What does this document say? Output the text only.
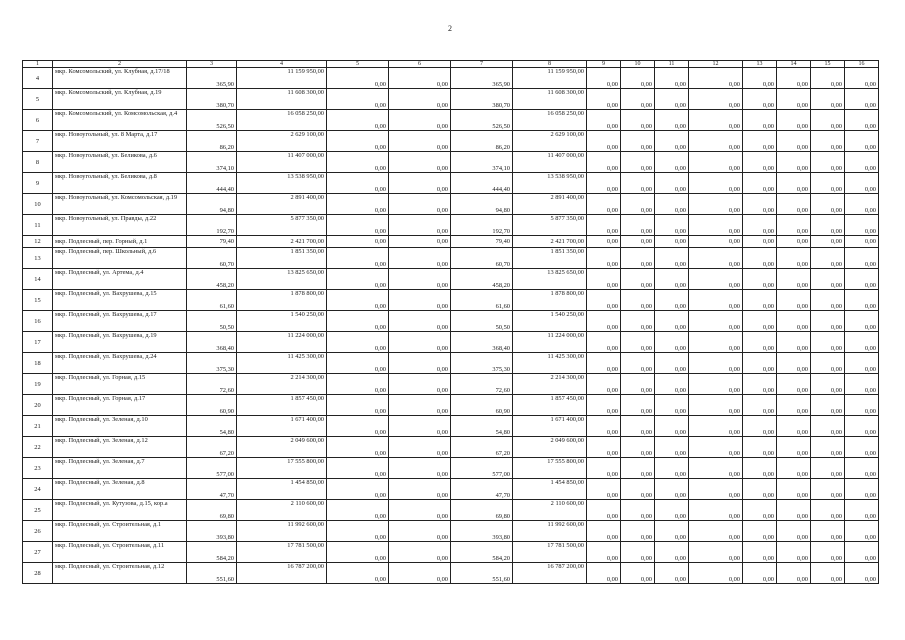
2
1	2	3	4	5	6	7	8	9	10	11	12	13	14	15	16
4	мкр. Комсомольский, ул. Клубная, д.17/18	365,90	11 159 950,00	0,00	0,00	365,90	11 159 950,00	0,00	0,00	0,00	0,00	0,00	0,00	0,00	0,00
5	мкр. Комсомольский, ул. Клубная, д.19	380,70	11 608 300,00	0,00	0,00	380,70	11 608 300,00	0,00	0,00	0,00	0,00	0,00	0,00	0,00	0,00
6	мкр. Комсомольский, ул. Комсомольская, д.4	526,50	16 058 250,00	0,00	0,00	526,50	16 058 250,00	0,00	0,00	0,00	0,00	0,00	0,00	0,00	0,00
7	мкр. Новоугольный, ул. 8 Марта, д.17	86,20	2 629 100,00	0,00	0,00	86,20	2 629 100,00	0,00	0,00	0,00	0,00	0,00	0,00	0,00	0,00
8	мкр. Новоугольный, ул. Беликова, д.6	374,10	11 407 000,00	0,00	0,00	374,10	11 407 000,00	0,00	0,00	0,00	0,00	0,00	0,00	0,00	0,00
9	мкр. Новоугольный, ул. Беликова, д.8	444,40	13 538 950,00	0,00	0,00	444,40	13 538 950,00	0,00	0,00	0,00	0,00	0,00	0,00	0,00	0,00
10	мкр. Новоугольный, ул. Комсомольская, д.19	94,80	2 891 400,00	0,00	0,00	94,80	2 891 400,00	0,00	0,00	0,00	0,00	0,00	0,00	0,00	0,00
11	мкр. Новоугольный, ул. Правды, д.22	192,70	5 877 350,00	0,00	0,00	192,70	5 877 350,00	0,00	0,00	0,00	0,00	0,00	0,00	0,00	0,00
12	мкр. Подлесный, пер. Горный, д.1	79,40	2 421 700,00	0,00	0,00	79,40	2 421 700,00	0,00	0,00	0,00	0,00	0,00	0,00	0,00	0,00
13	мкр. Подлесный, пер. Школьный, д.6	60,70	1 851 350,00	0,00	0,00	60,70	1 851 350,00	0,00	0,00	0,00	0,00	0,00	0,00	0,00	0,00
14	мкр. Подлесный, ул. Артема, д.4	458,20	13 825 650,00	0,00	0,00	458,20	13 825 650,00	0,00	0,00	0,00	0,00	0,00	0,00	0,00	0,00
15	мкр. Подлесный, ул. Вахрушева, д.15	61,60	1 878 800,00	0,00	0,00	61,60	1 878 800,00	0,00	0,00	0,00	0,00	0,00	0,00	0,00	0,00
16	мкр. Подлесный, ул. Вахрушева, д.17	50,50	1 540 250,00	0,00	0,00	50,50	1 540 250,00	0,00	0,00	0,00	0,00	0,00	0,00	0,00	0,00
17	мкр. Подлесный, ул. Вахрушева, д.19	368,40	11 224 000,00	0,00	0,00	368,40	11 224 000,00	0,00	0,00	0,00	0,00	0,00	0,00	0,00	0,00
18	мкр. Подлесный, ул. Вахрушева, д.24	375,30	11 425 300,00	0,00	0,00	375,30	11 425 300,00	0,00	0,00	0,00	0,00	0,00	0,00	0,00	0,00
19	мкр. Подлесный, ул. Горная, д.15	72,60	2 214 300,00	0,00	0,00	72,60	2 214 300,00	0,00	0,00	0,00	0,00	0,00	0,00	0,00	0,00
20	мкр. Подлесный, ул. Горная, д.17	60,90	1 857 450,00	0,00	0,00	60,90	1 857 450,00	0,00	0,00	0,00	0,00	0,00	0,00	0,00	0,00
21	мкр. Подлесный, ул. Зеленая, д.10	54,80	1 671 400,00	0,00	0,00	54,80	1 671 400,00	0,00	0,00	0,00	0,00	0,00	0,00	0,00	0,00
22	мкр. Подлесный, ул. Зеленая, д.12	67,20	2 049 600,00	0,00	0,00	67,20	2 049 600,00	0,00	0,00	0,00	0,00	0,00	0,00	0,00	0,00
23	мкр. Подлесный, ул. Зеленая, д.7	577,00	17 555 800,00	0,00	0,00	577,00	17 555 800,00	0,00	0,00	0,00	0,00	0,00	0,00	0,00	0,00
24	мкр. Подлесный, ул. Зеленая, д.8	47,70	1 454 850,00	0,00	0,00	47,70	1 454 850,00	0,00	0,00	0,00	0,00	0,00	0,00	0,00	0,00
25	мкр. Подлесный, ул. Кутузова, д.15, кор.а	69,80	2 110 600,00	0,00	0,00	69,80	2 110 600,00	0,00	0,00	0,00	0,00	0,00	0,00	0,00	0,00
26	мкр. Подлесный, ул. Строительная, д.1	393,80	11 992 600,00	0,00	0,00	393,80	11 992 600,00	0,00	0,00	0,00	0,00	0,00	0,00	0,00	0,00
27	мкр. Подлесный, ул. Строительная, д.11	584,20	17 781 500,00	0,00	0,00	584,20	17 781 500,00	0,00	0,00	0,00	0,00	0,00	0,00	0,00	0,00
28	мкр. Подлесный, ул. Строительная, д.12	551,60	16 787 200,00	0,00	0,00	551,60	16 787 200,00	0,00	0,00	0,00	0,00	0,00	0,00	0,00	0,00
